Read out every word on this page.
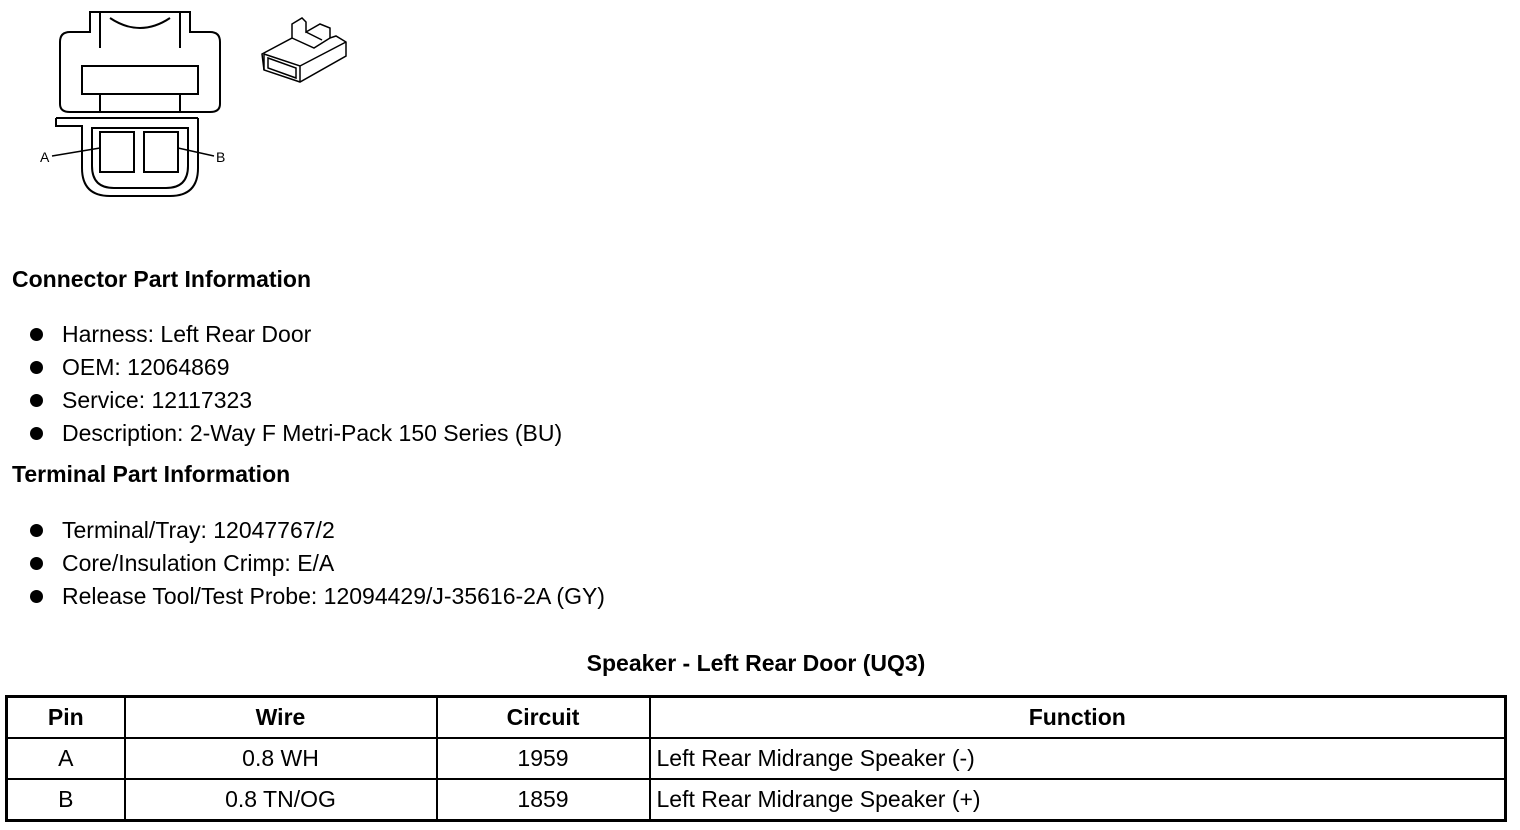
A	B
Connector Part Information
Harness: Left Rear Door
OEM: 12064869
Service: 12117323
Description: 2-Way F Metri-Pack 150 Series (BU)
Terminal Part Information
Terminal/Tray: 12047767/2
Core/Insulation Crimp: E/A
Release Tool/Test Probe: 12094429/J-35616-2A (GY)
Speaker - Left Rear Door (UQ3)
Pin	Wire	Circuit	Function
A	0.8 WH	1959	Left Rear Midrange Speaker (-)
B	0.8 TN/OG	1859	Left Rear Midrange Speaker (+)
